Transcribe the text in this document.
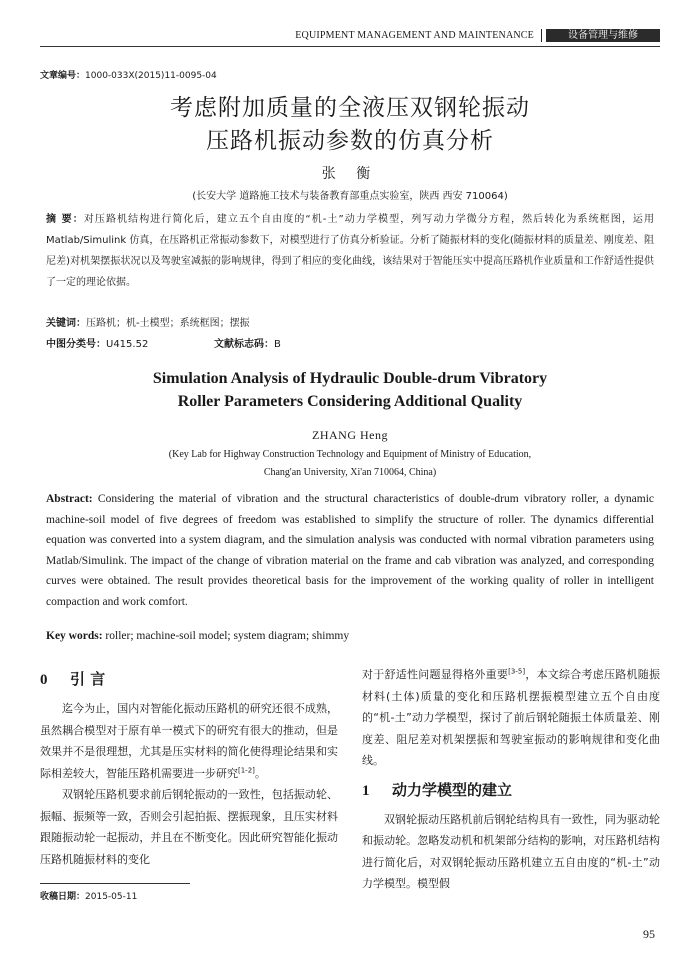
EQUIPMENT MANAGEMENT AND MAINTENANCE	设备管理与维修
文章编号：1000-033X(2015)11-0095-04
考虑附加质量的全液压双钢轮振动
压路机振动参数的仿真分析
张 衡
(长安大学 道路施工技术与装备教育部重点实验室，陕西 西安 710064)
摘 要：对压路机结构进行简化后，建立五个自由度的“机-土”动力学模型，列写动力学微分方程，然后转化为系统框图，运用 Matlab/Simulink 仿真，在压路机正常振动参数下，对模型进行了仿真分析验证。分析了随振材料的变化(随振材料的质量差、刚度差、阻尼差)对机架摆振状况以及驾驶室减振的影响规律，得到了相应的变化曲线，该结果对于智能压实中提高压路机作业质量和工作舒适性提供了一定的理论依据。
关键词：压路机；机-土模型；系统框图；摆振
中图分类号：U415.52	文献标志码：B
Simulation Analysis of Hydraulic Double-drum Vibratory
Roller Parameters Considering Additional Quality
ZHANG Heng
(Key Lab for Highway Construction Technology and Equipment of Ministry of Education,
Chang'an University, Xi'an 710064, China)
Abstract: Considering the material of vibration and the structural characteristics of double-drum vibratory roller, a dynamic machine-soil model of five degrees of freedom was established to simplify the structure of roller. The dynamics differential equation was converted into a system diagram, and the simulation analysis was conducted with normal vibration parameters using Matlab/Simulink. The impact of the change of vibration material on the frame and cab vibration was analyzed, and corresponding curves were obtained. The result provides theoretical basis for the improvement of the working quality of roller in intelligent compaction and work comfort.
Key words: roller; machine-soil model; system diagram; shimmy

0 引 言

迄今为止，国内对智能化振动压路机的研究还很不成熟，虽然耦合模型对于原有单一模式下的研究有很大的推动，但是效果并不是很理想，尤其是压实材料的简化使得理论结果和实际相差较大，智能压路机需要进一步研究[1-2]。

双钢轮压路机要求前后钢轮振动的一致性，包括振动轮、振幅、振频等一致，否则会引起拍振、摆振现象，且压实材料跟随振动轮一起振动，并且在不断变化。因此研究智能化振动压路机随振材料的变化

对于舒适性问题显得格外重要[3-5]，本文综合考虑压路机随振材料(土体)质量的变化和压路机摆振模型建立五个自由度的“机-土”动力学模型，探讨了前后钢轮随振土体质量差、刚度差、阻尼差对机架摆振和驾驶室振动的影响规律和变化曲线。

1 动力学模型的建立

双钢轮振动压路机前后钢轮结构具有一致性，同为驱动轮和振动轮。忽略发动机和机架部分结构的影响，对压路机结构进行简化后，对双钢轮振动压路机建立五自由度的“机-土”动力学模型。模型假

收稿日期：2015-05-11
95
